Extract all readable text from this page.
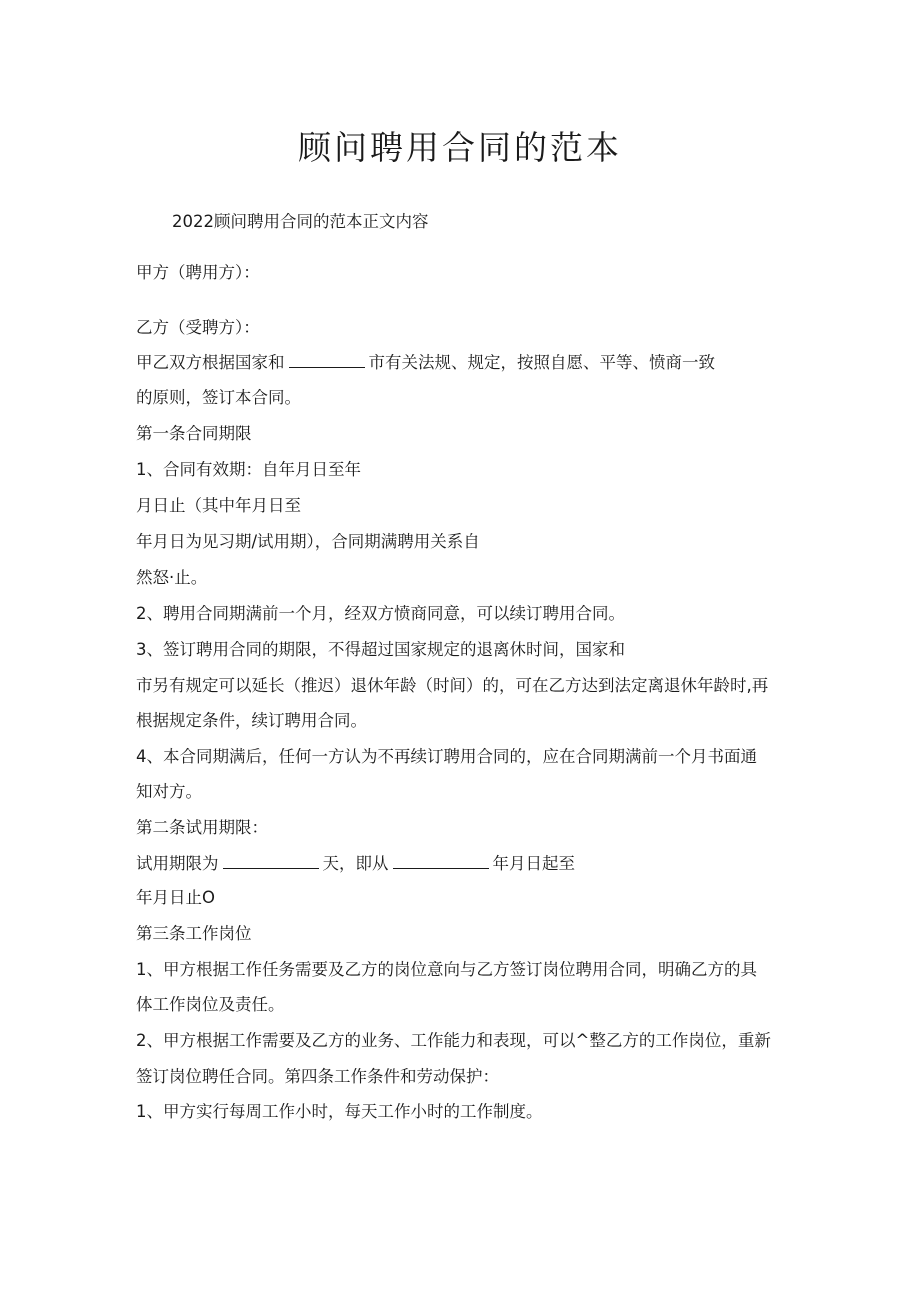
顾问聘用合同的范本
2022顾问聘用合同的范本正文内容
甲方（聘用方）：
乙方（受聘方）：
甲乙双方根据国家和	市有关法规、规定，按照自愿、平等、愤商一致
的原则，签订本合同。
第一条合同期限
1、合同有效期：自年月日至年
月日止（其中年月日至
年月日为见习期/试用期），合同期满聘用关系自
然怒·止。
2、聘用合同期满前一个月，经双方愤商同意，可以续订聘用合同。
3、签订聘用合同的期限，不得超过国家规定的退离休时间，国家和
市另有规定可以延长（推迟）退休年龄（时间）的，可在乙方达到法定离退休年龄时,再
根据规定条件，续订聘用合同。
4、本合同期满后，任何一方认为不再续订聘用合同的，应在合同期满前一个月书面通
知对方。
第二条试用期限：
试用期限为	天，即从	年月日起至
年月日止O
第三条工作岗位
1、甲方根据工作任务需要及乙方的岗位意向与乙方签订岗位聘用合同，明确乙方的具
体工作岗位及责任。
2、甲方根据工作需要及乙方的业务、工作能力和表现，可以^整乙方的工作岗位，重新
签订岗位聘任合同。第四条工作条件和劳动保护：
1、甲方实行每周工作小时，每天工作小时的工作制度。
